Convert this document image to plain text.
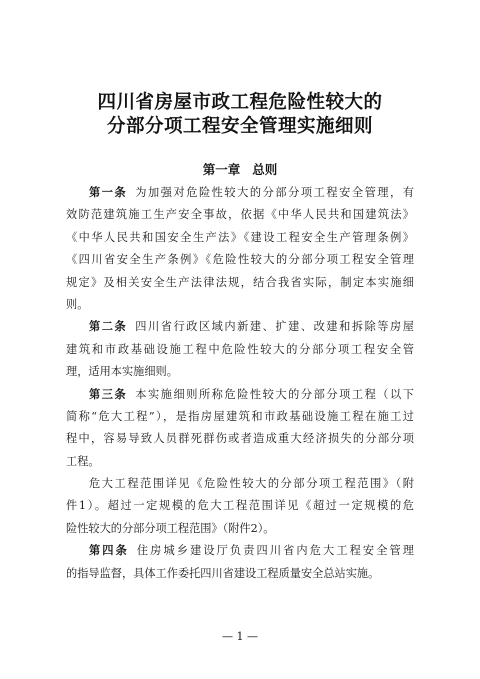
四川省房屋市政工程危险性较大的
分部分项工程安全管理实施细则
第一章 总则
第一条 为加强对危险性较大的分部分项工程安全管理，有
效防范建筑施工生产安全事故，依据《中华人民共和国建筑法》
《中华人民共和国安全生产法》《建设工程安全生产管理条例》
《四川省安全生产条例》《危险性较大的分部分项工程安全管理
规定》及相关安全生产法律法规，结合我省实际，制定本实施细
则。
第二条 四川省行政区域内新建、扩建、改建和拆除等房屋
建筑和市政基础设施工程中危险性较大的分部分项工程安全管
理，适用本实施细则。
第三条 本实施细则所称危险性较大的分部分项工程（以下
简称“危大工程”），是指房屋建筑和市政基础设施工程在施工过
程中，容易导致人员群死群伤或者造成重大经济损失的分部分项
工程。
危大工程范围详见《危险性较大的分部分项工程范围》（附
件1）。超过一定规模的危大工程范围详见《超过一定规模的危
险性较大的分部分项工程范围》（附件2）。
第四条 住房城乡建设厅负责四川省内危大工程安全管理
的指导监督，具体工作委托四川省建设工程质量安全总站实施。
— 1 —
